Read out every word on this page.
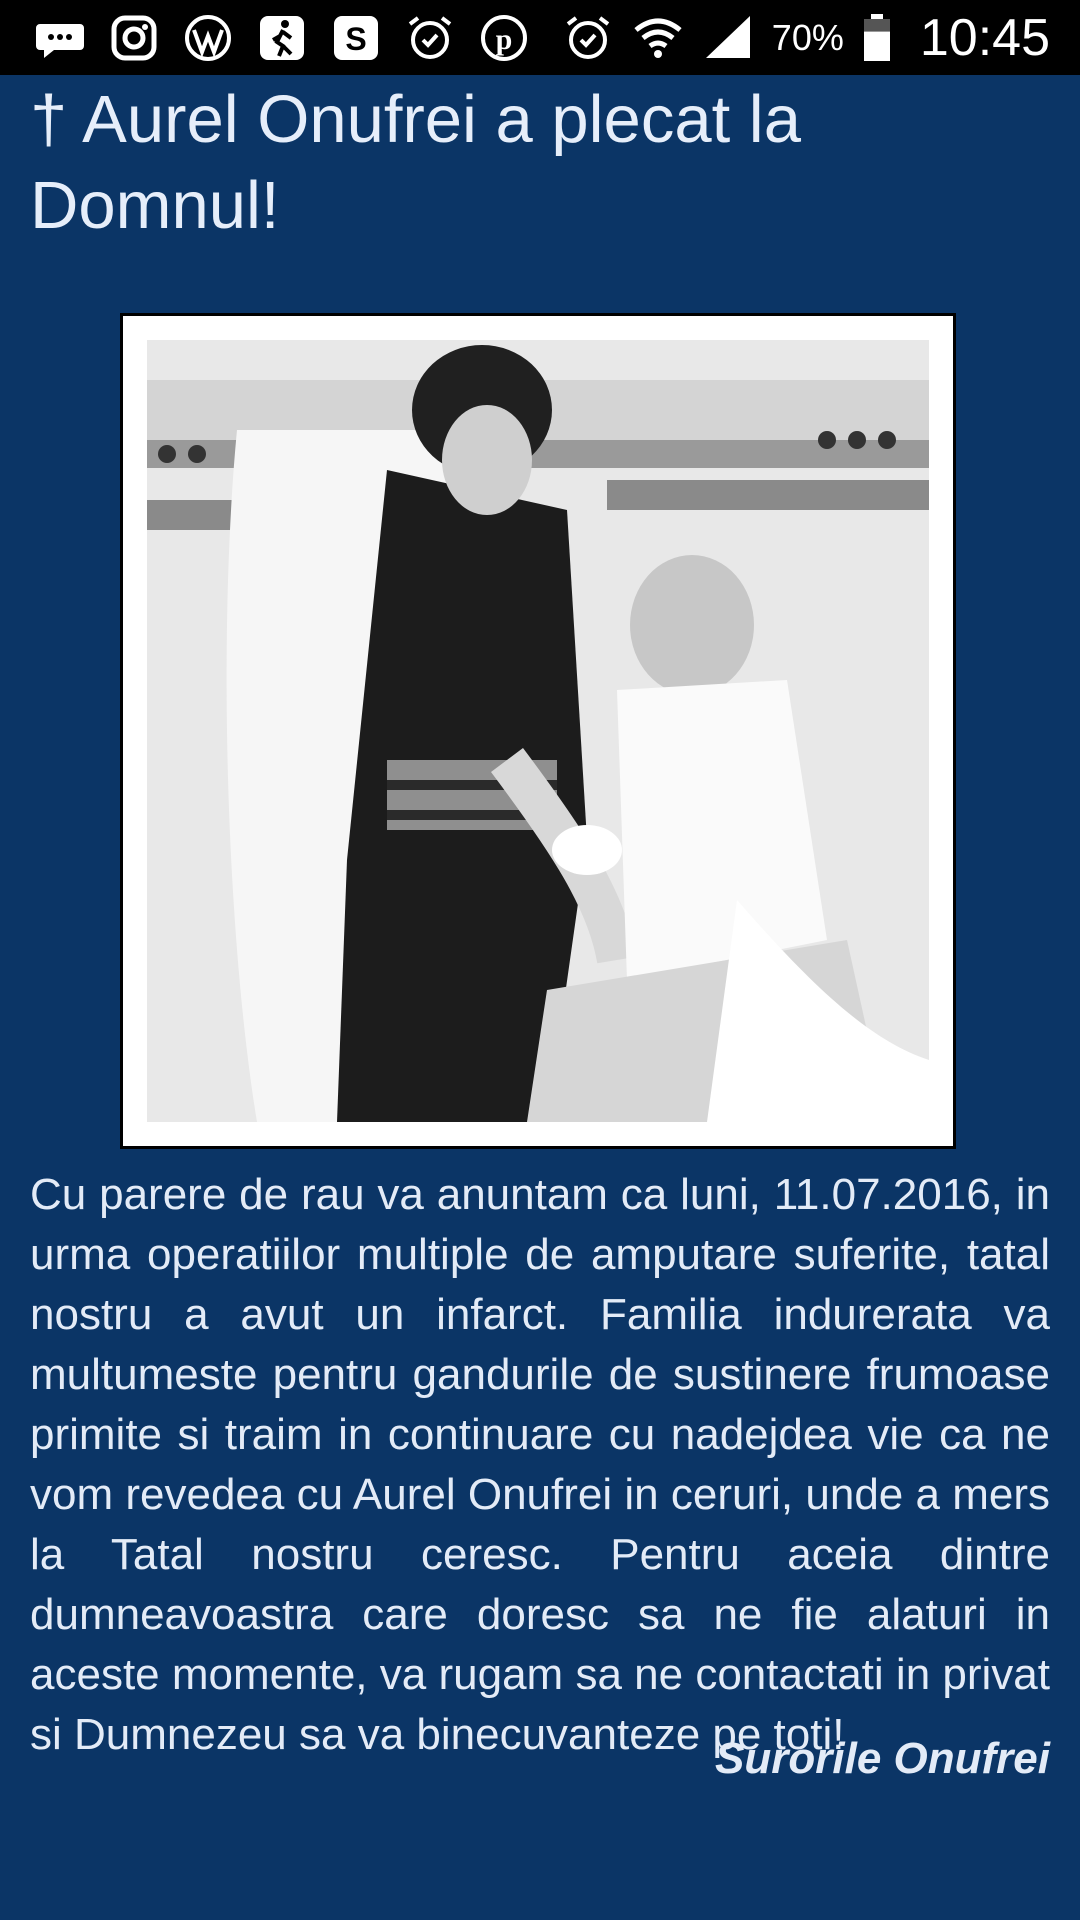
S	p	70% 10:45
† Aurel Onufrei a plecat la Domnul!

Cu parere de rau va anuntam ca luni, 11.07.2016, in urma operatiilor multiple de amputare suferite, tatal nostru a avut un infarct. Familia indurerata va multumeste pentru gandurile de sustinere frumoase primite si traim in continuare cu nadejdea vie ca ne vom revedea cu Aurel Onufrei in ceruri, unde a mers la Tatal nostru ceresc. Pentru aceia dintre dumneavoastra care doresc sa ne fie alaturi in aceste momente, va rugam sa ne contactati in privat si Dumnezeu sa va binecuvanteze pe toti!

Surorile Onufrei
